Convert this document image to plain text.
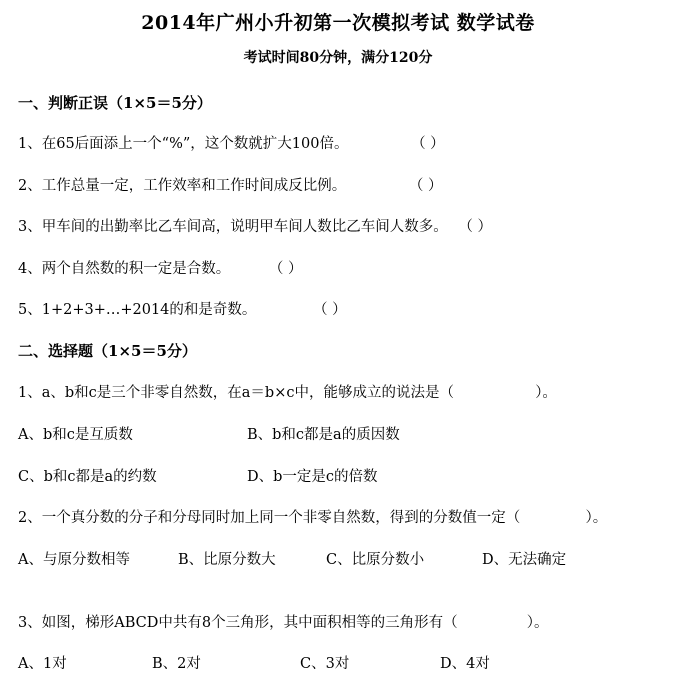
2014年广州小升初第一次模拟考试 数学试卷
考试时间80分钟，满分120分
一、判断正误（1×5＝5分）
1、在65后面添上一个“%”，这个数就扩大100倍。	（ ）
2、工作总量一定，工作效率和工作时间成反比例。	（ ）
3、甲车间的出勤率比乙车间高，说明甲车间人数比乙车间人数多。 （ ）
4、两个自然数的积一定是合数。	（ ）
5、1+2+3+…+2014的和是奇数。	（ ）
二、选择题（1×5＝5分）
1、a、b和c是三个非零自然数，在a＝b×c中，能够成立的说法是（	）。
A、b和c是互质数	B、b和c都是a的质因数
C、b和c都是a的约数	D、b一定是c的倍数
2、一个真分数的分子和分母同时加上同一个非零自然数，得到的分数值一定（	）。
A、与原分数相等	B、比原分数大	C、比原分数小	D、无法确定
3、如图，梯形ABCD中共有8个三角形，其中面积相等的三角形有（	）。
A、1对	B、2对	C、3对	D、4对
